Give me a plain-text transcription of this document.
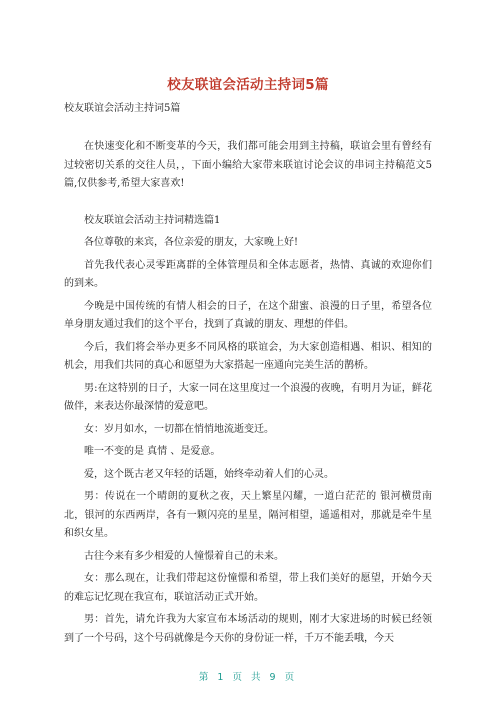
校友联谊会活动主持词5篇

校友联谊会活动主持词5篇

在快速变化和不断变革的今天，我们都可能会用到主持稿，联谊会里有曾经有过较密切关系的交往人员，，下面小编给大家带来联谊讨论会议的串词主持稿范文5篇,仅供参考,希望大家喜欢!

校友联谊会活动主持词精选篇1

各位尊敬的来宾，各位亲爱的朋友，大家晚上好!

首先我代表心灵零距离群的全体管理员和全体志愿者，热情、真诚的欢迎你们的到来。

今晚是中国传统的有情人相会的日子，在这个甜蜜、浪漫的日子里，希望各位单身朋友通过我们的这个平台，找到了真诚的朋友、理想的伴侣。

今后，我们将会举办更多不同风格的联谊会，为大家创造相遇、相识、相知的机会，用我们共同的真心和愿望为大家搭起一座通向完美生活的鹊桥。

男:在这特别的日子，大家一同在这里度过一个浪漫的夜晚，有明月为证，鲜花做伴，来表达你最深情的爱意吧。

女：岁月如水，一切都在悄悄地流逝变迁。

唯一不变的是 真情 、是爱意。

爱，这个既古老又年轻的话题，始终牵动着人们的心灵。

男：传说在一个晴朗的夏秋之夜，天上繁星闪耀，一道白茫茫的 银河横贯南北，银河的东西两岸，各有一颗闪亮的星星，隔河相望，遥遥相对，那就是牵牛星和织女星。

古往今来有多少相爱的人憧憬着自己的未来。

女：那么现在，让我们带起这份憧憬和希望，带上我们美好的愿望，开始今天的难忘记忆现在我宣布，联谊活动正式开始。

男：首先，请允许我为大家宣布本场活动的规则，刚才大家进场的时候已经领到了一个号码，这个号码就像是今天你的身份证一样，千万不能丢哦，今天

第 1 页 共 9 页
